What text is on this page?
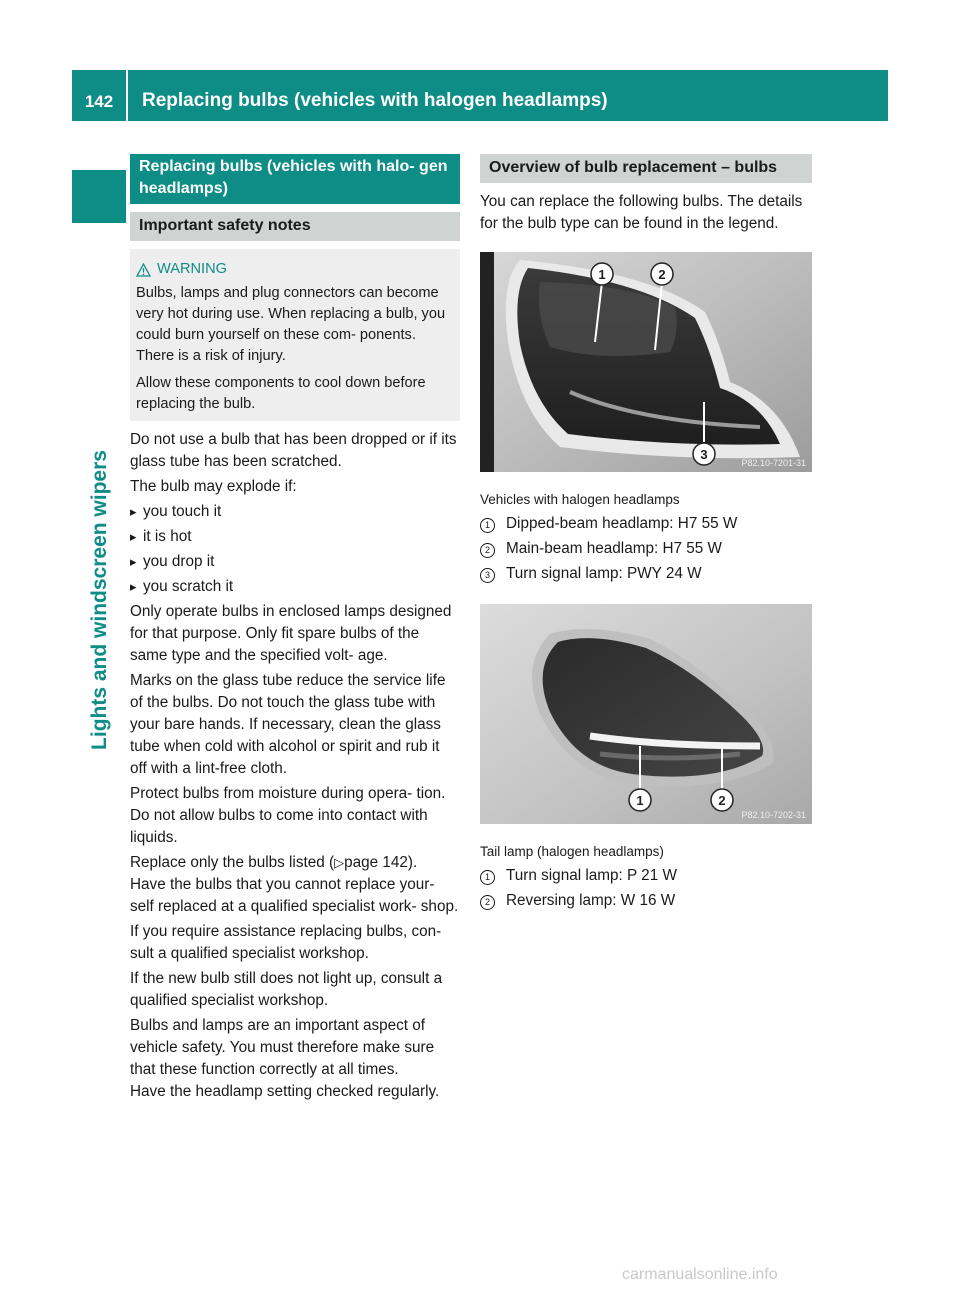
142	Replacing bulbs (vehicles with halogen headlamps)
Lights and windscreen wipers
Replacing bulbs (vehicles with halo- gen headlamps)
Important safety notes
WARNING

Bulbs, lamps and plug connectors can become very hot during use. When replacing a bulb, you could burn yourself on these com- ponents. There is a risk of injury.

Allow these components to cool down before replacing the bulb.

Do not use a bulb that has been dropped or if its glass tube has been scratched.

The bulb may explode if:

▸ you touch it
▸ it is hot
▸ you drop it
▸ you scratch it

Only operate bulbs in enclosed lamps designed for that purpose. Only fit spare bulbs of the same type and the specified volt- age.

Marks on the glass tube reduce the service life of the bulbs. Do not touch the glass tube with your bare hands. If necessary, clean the glass tube when cold with alcohol or spirit and rub it off with a lint-free cloth.

Protect bulbs from moisture during opera- tion. Do not allow bulbs to come into contact with liquids.

Replace only the bulbs listed (▷page 142).

Have the bulbs that you cannot replace your- self replaced at a qualified specialist work- shop.

If you require assistance replacing bulbs, con- sult a qualified specialist workshop.

If the new bulb still does not light up, consult a qualified specialist workshop.

Bulbs and lamps are an important aspect of vehicle safety. You must therefore make sure that these function correctly at all times.

Have the headlamp setting checked regularly.

Overview of bulb replacement – bulbs

You can replace the following bulbs. The details for the bulb type can be found in the legend.

1	2
3
P82.10-7201-31
Vehicles with halogen headlamps
1	Dipped-beam headlamp: H7 55 W
2	Main-beam headlamp: H7 55 W
3	Turn signal lamp: PWY 24 W
1	2
P82.10-7202-31
Tail lamp (halogen headlamps)
1	Turn signal lamp: P 21 W
2	Reversing lamp: W 16 W
carmanualsonline.info
